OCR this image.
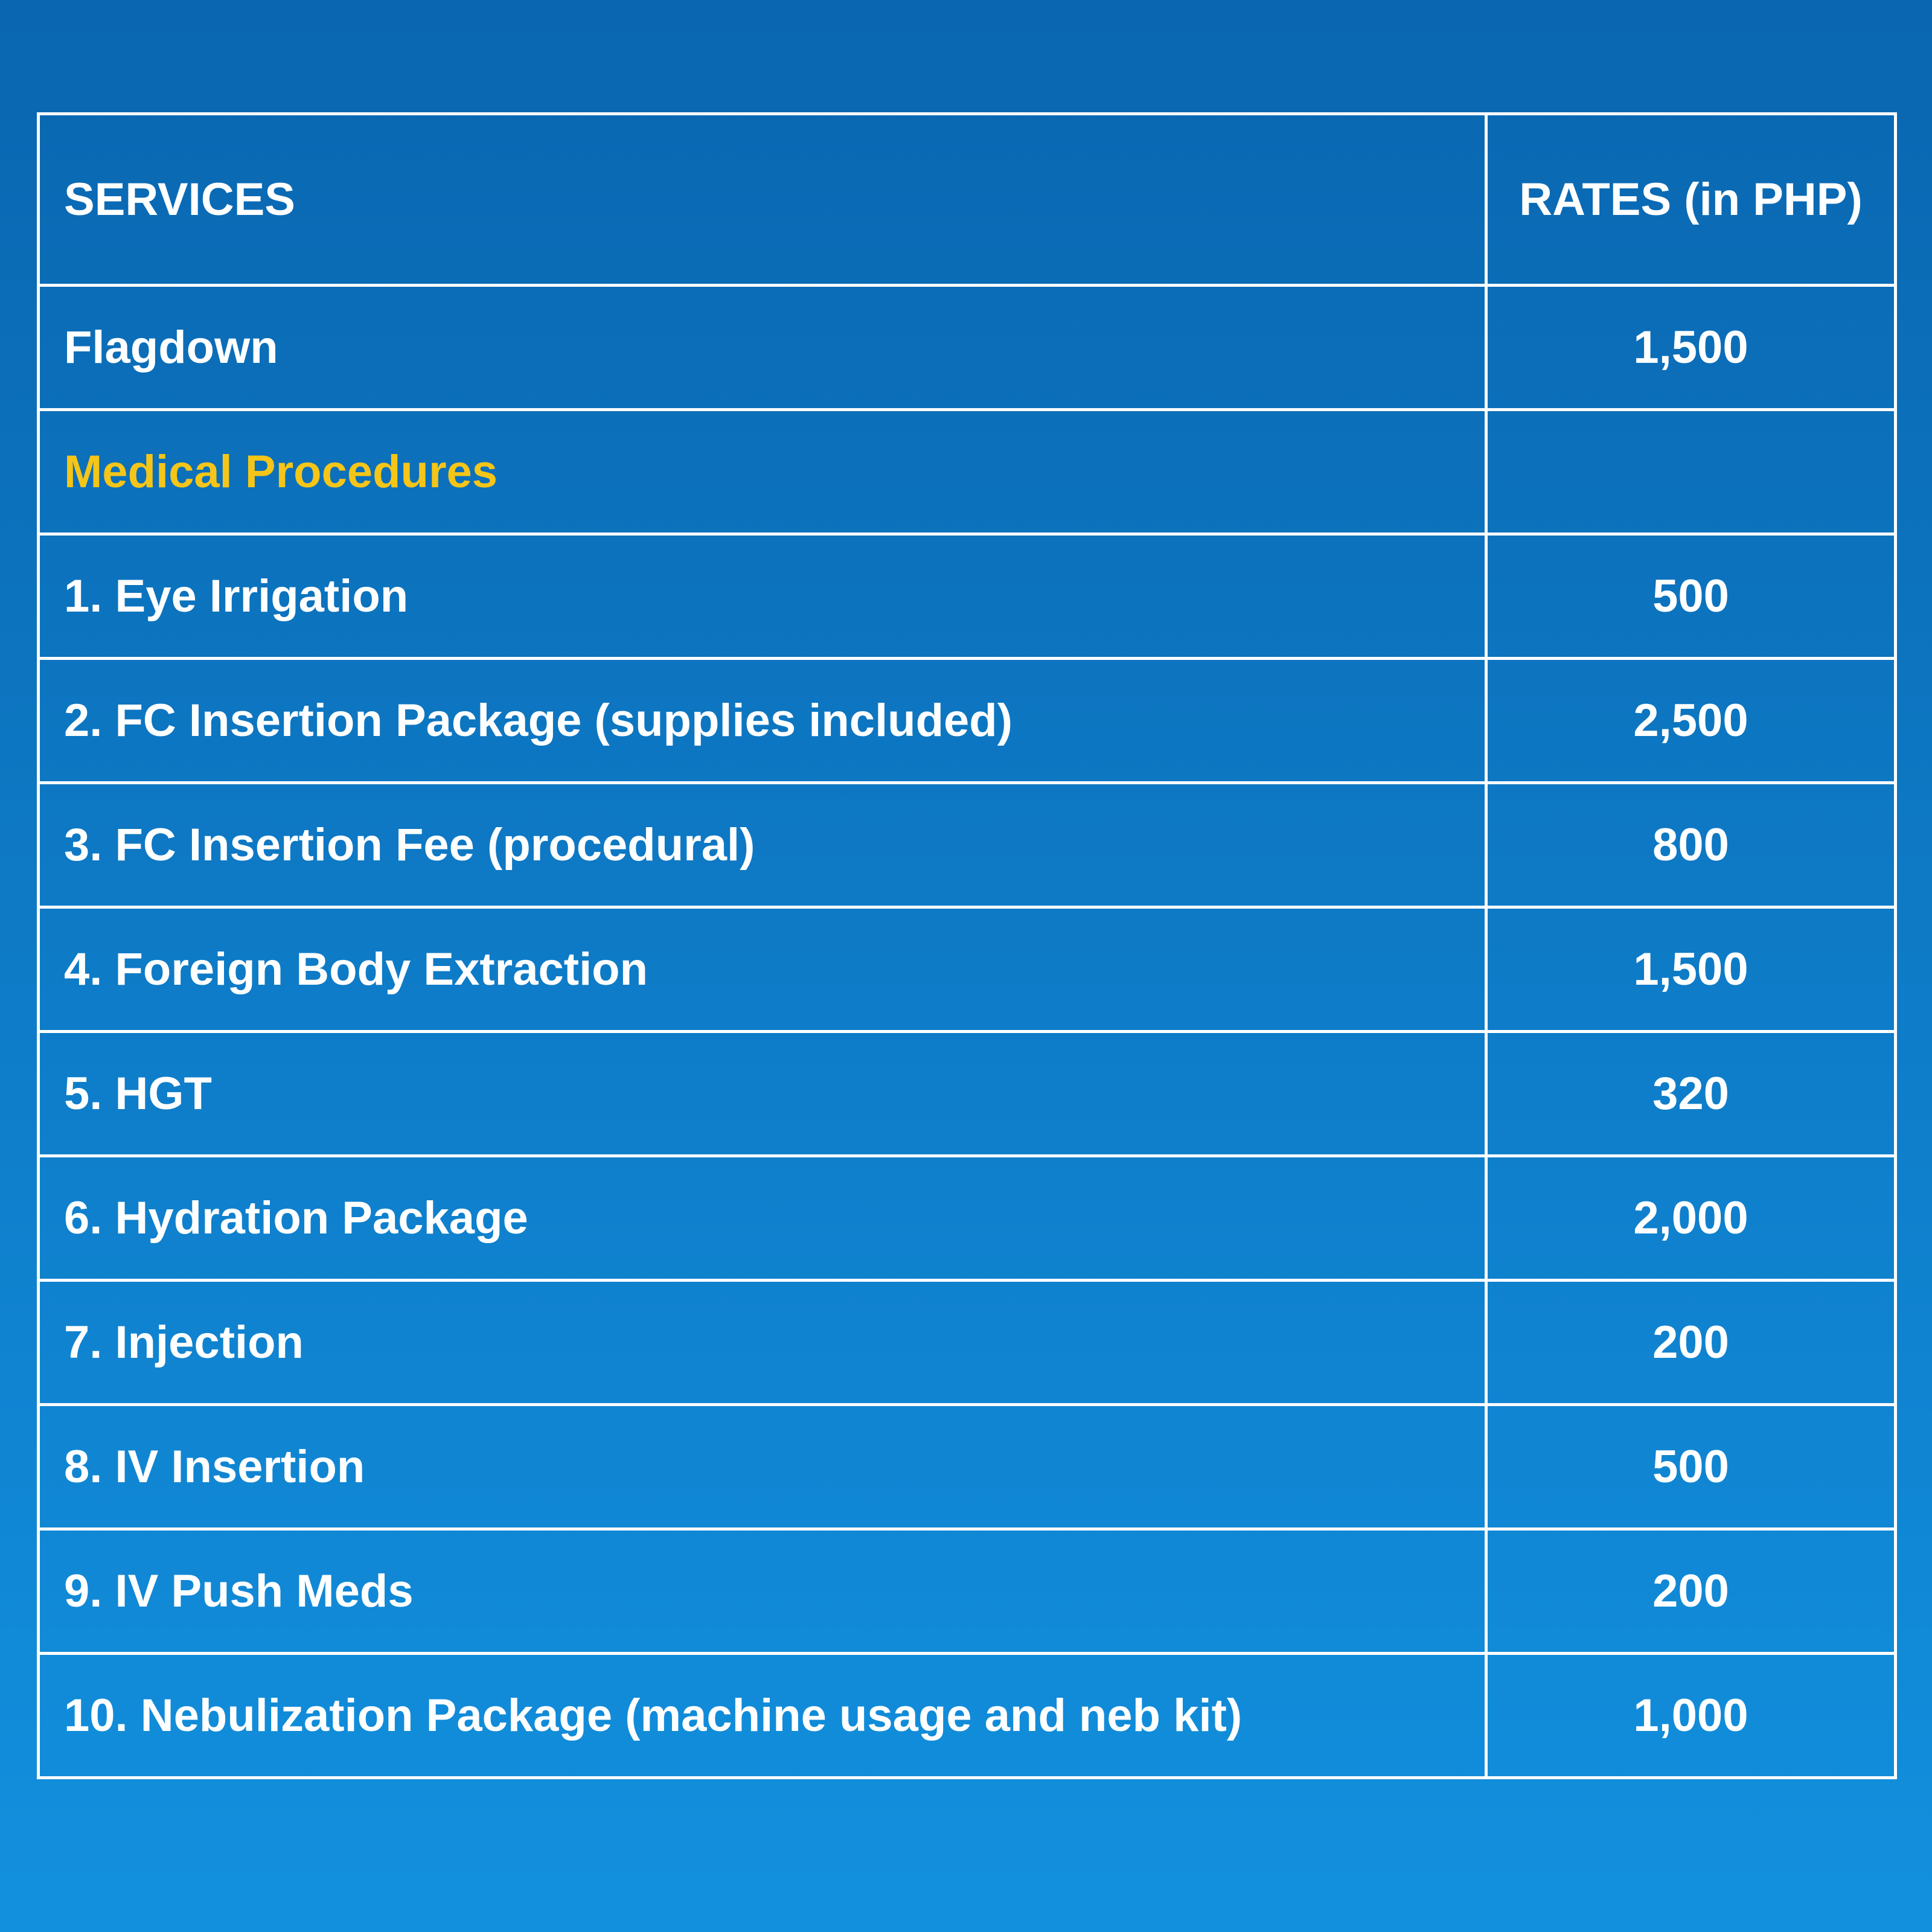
SERVICES	RATES (in PHP)
Flagdown	1,500
Medical Procedures	
1. Eye Irrigation	500
2. FC Insertion Package (supplies included)	2,500
3. FC Insertion Fee (procedural)	800
4. Foreign Body Extraction	1,500
5. HGT	320
6. Hydration Package	2,000
7. Injection	200
8. IV Insertion	500
9. IV Push Meds	200
10. Nebulization Package (machine usage and neb kit)	1,000
